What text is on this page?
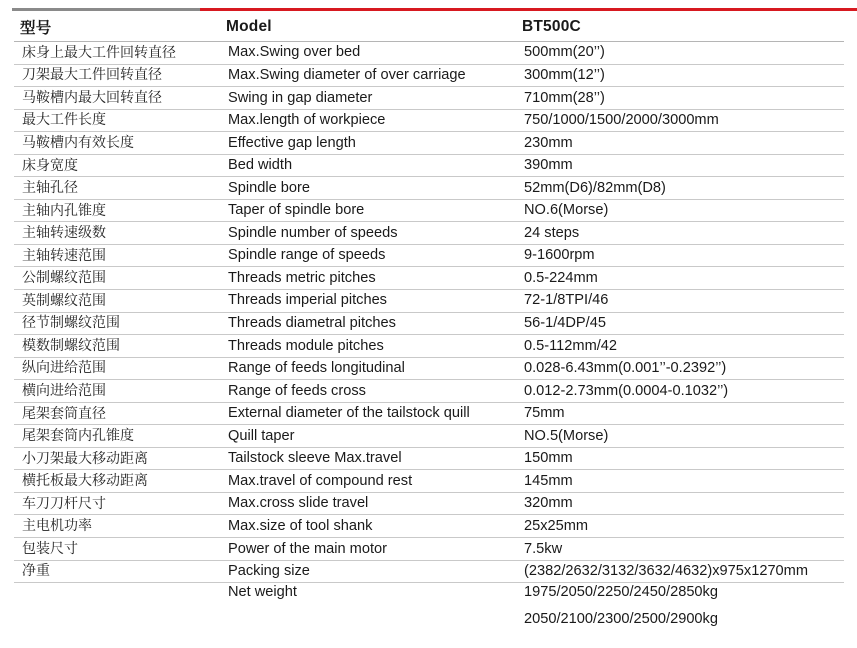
型号	Model	BT500C
床身上最大工件回转直径	Max.Swing over bed	500mm(20’’)
刀架最大工件回转直径	Max.Swing diameter of over carriage	300mm(12’’)
马鞍槽内最大回转直径	Swing in gap diameter	710mm(28’’)
最大工件长度	Max.length of workpiece	750/1000/1500/2000/3000mm
马鞍槽内有效长度	Effective gap length	230mm
床身宽度	Bed width	390mm
主轴孔径	Spindle bore	52mm(D6)/82mm(D8)
主轴内孔锥度	Taper of spindle bore	NO.6(Morse)
主轴转速级数	Spindle number of speeds	24 steps
主轴转速范围	Spindle range of speeds	9-1600rpm
公制螺纹范围	Threads metric pitches	0.5-224mm
英制螺纹范围	Threads imperial pitches	72-1/8TPI/46
径节制螺纹范围	Threads diametral pitches	56-1/4DP/45
模数制螺纹范围	Threads module pitches	0.5-112mm/42
纵向进给范围	Range of feeds longitudinal	0.028-6.43mm(0.001’’-0.2392’’)
横向进给范围	Range of feeds cross	0.012-2.73mm(0.0004-0.1032’’)
尾架套筒直径	External diameter of the tailstock quill	75mm
尾架套筒内孔锥度	Quill taper	NO.5(Morse)
小刀架最大移动距离	Tailstock sleeve Max.travel	150mm
横托板最大移动距离	Max.travel of compound rest	145mm
车刀刀杆尺寸	Max.cross slide travel	320mm
主电机功率	Max.size of tool shank	25x25mm
包装尺寸	Power of the main motor	7.5kw
净重	Packing size	(2382/2632/3132/3632/4632)x975x1270mm
	Net weight	1975/2050/2250/2450/2850kg
		2050/2100/2300/2500/2900kg
